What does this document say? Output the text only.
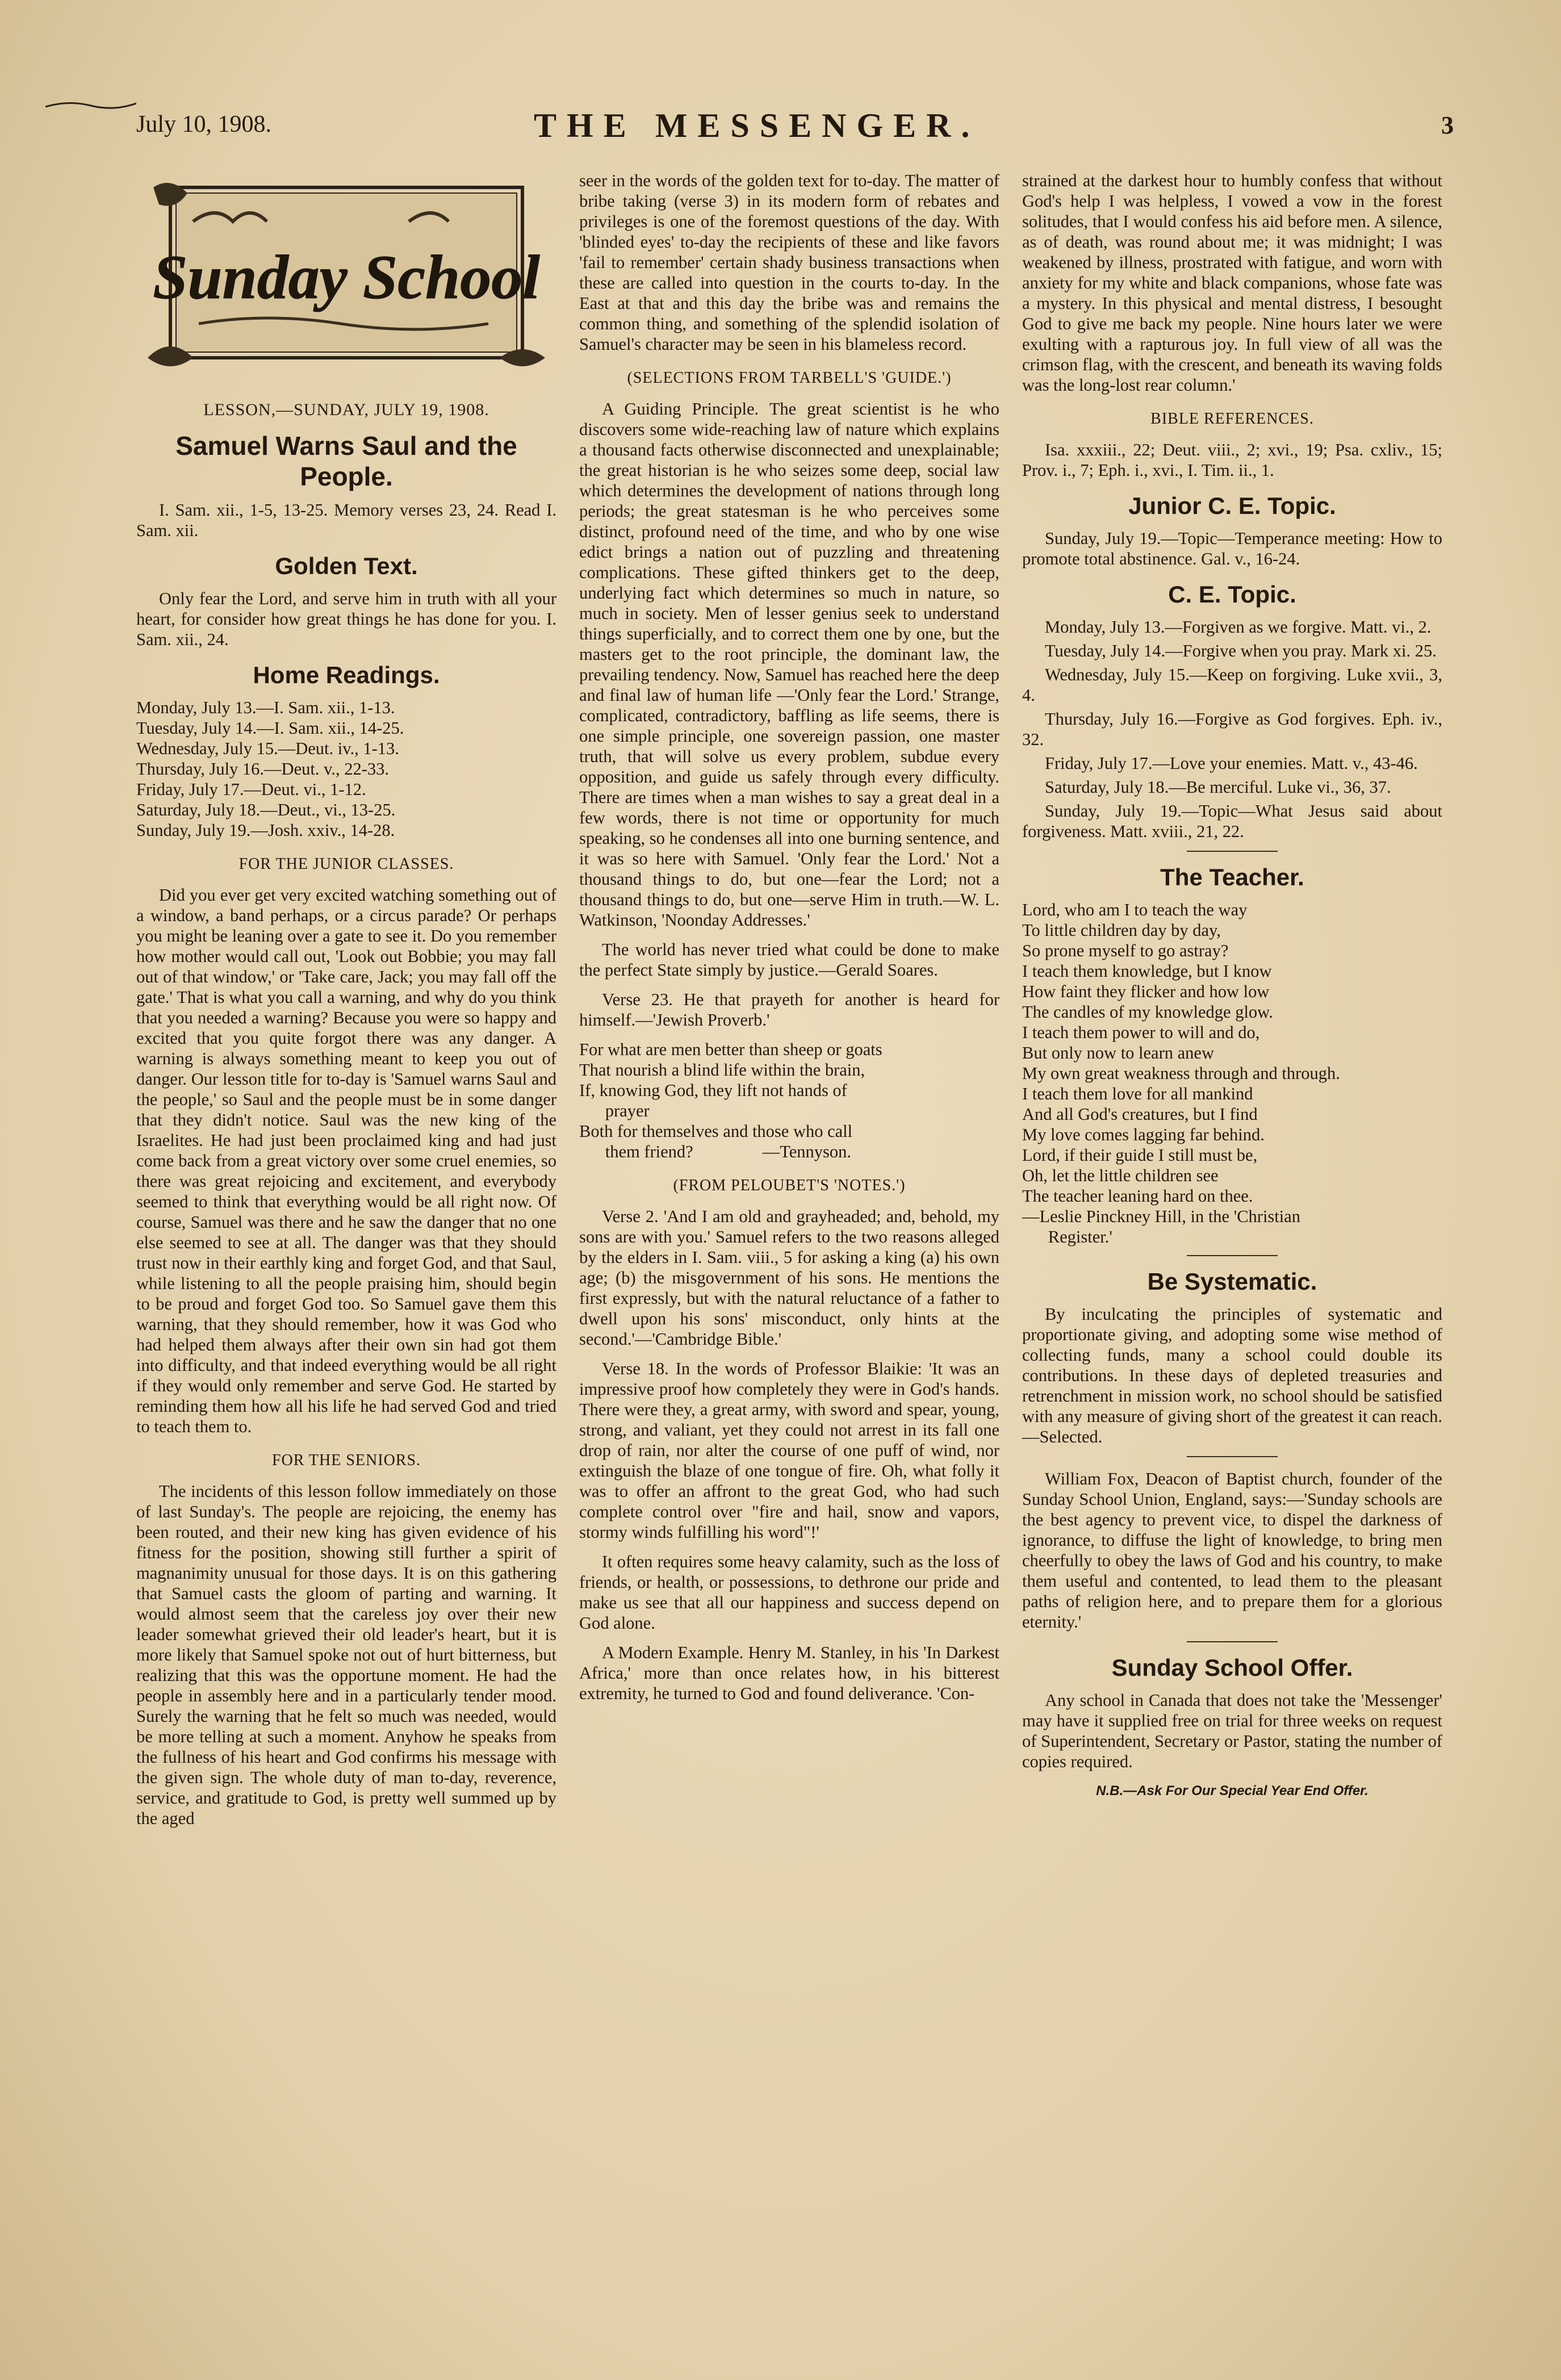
July 10, 1908.	THE MESSENGER.	3
Sunday School

LESSON,—SUNDAY, JULY 19, 1908.

Samuel Warns Saul and the People.

I. Sam. xii., 1-5, 13-25. Memory verses 23, 24. Read I. Sam. xii.

Golden Text.

Only fear the Lord, and serve him in truth with all your heart, for consider how great things he has done for you. I. Sam. xii., 24.

Home Readings.
Monday, July 13.—I. Sam. xii., 1-13.
Tuesday, July 14.—I. Sam. xii., 14-25.
Wednesday, July 15.—Deut. iv., 1-13.
Thursday, July 16.—Deut. v., 22-33.
Friday, July 17.—Deut. vi., 1-12.
Saturday, July 18.—Deut., vi., 13-25.
Sunday, July 19.—Josh. xxiv., 14-28.

FOR THE JUNIOR CLASSES.

Did you ever get very excited watching something out of a window, a band perhaps, or a circus parade? Or perhaps you might be leaning over a gate to see it. Do you remember how mother would call out, 'Look out Bobbie; you may fall out of that window,' or 'Take care, Jack; you may fall off the gate.' That is what you call a warning, and why do you think that you needed a warning? Because you were so happy and excited that you quite forgot there was any danger. A warning is always something meant to keep you out of danger. Our lesson title for to-day is 'Samuel warns Saul and the people,' so Saul and the people must be in some danger that they didn't notice. Saul was the new king of the Israelites. He had just been proclaimed king and had just come back from a great victory over some cruel enemies, so there was great rejoicing and excitement, and everybody seemed to think that everything would be all right now. Of course, Samuel was there and he saw the danger that no one else seemed to see at all. The danger was that they should trust now in their earthly king and forget God, and that Saul, while listening to all the people praising him, should begin to be proud and forget God too. So Samuel gave them this warning, that they should remember, how it was God who had helped them always after their own sin had got them into difficulty, and that indeed everything would be all right if they would only remember and serve God. He started by reminding them how all his life he had served God and tried to teach them to.

FOR THE SENIORS.

The incidents of this lesson follow immediately on those of last Sunday's. The people are rejoicing, the enemy has been routed, and their new king has given evidence of his fitness for the position, showing still further a spirit of magnanimity unusual for those days. It is on this gathering that Samuel casts the gloom of parting and warning. It would almost seem that the careless joy over their new leader somewhat grieved their old leader's heart, but it is more likely that Samuel spoke not out of hurt bitterness, but realizing that this was the opportune moment. He had the people in assembly here and in a particularly tender mood. Surely the warning that he felt so much was needed, would be more telling at such a moment. Anyhow he speaks from the fullness of his heart and God confirms his message with the given sign. The whole duty of man to-day, reverence, service, and gratitude to God, is pretty well summed up by the aged

seer in the words of the golden text for to-day. The matter of bribe taking (verse 3) in its modern form of rebates and privileges is one of the foremost questions of the day. With 'blinded eyes' to-day the recipients of these and like favors 'fail to remember' certain shady business transactions when these are called into question in the courts to-day. In the East at that and this day the bribe was and remains the common thing, and something of the splendid isolation of Samuel's character may be seen in his blameless record.

(SELECTIONS FROM TARBELL'S 'GUIDE.')

A Guiding Principle. The great scientist is he who discovers some wide-reaching law of nature which explains a thousand facts otherwise disconnected and unexplainable; the great historian is he who seizes some deep, social law which determines the development of nations through long periods; the great statesman is he who perceives some distinct, profound need of the time, and who by one wise edict brings a nation out of puzzling and threatening complications. These gifted thinkers get to the deep, underlying fact which determines so much in nature, so much in society. Men of lesser genius seek to understand things superficially, and to correct them one by one, but the masters get to the root principle, the dominant law, the prevailing tendency. Now, Samuel has reached here the deep and final law of human life —'Only fear the Lord.' Strange, complicated, contradictory, baffling as life seems, there is one simple principle, one sovereign passion, one master truth, that will solve us every problem, subdue every opposition, and guide us safely through every difficulty. There are times when a man wishes to say a great deal in a few words, there is not time or opportunity for much speaking, so he condenses all into one burning sentence, and it was so here with Samuel. 'Only fear the Lord.' Not a thousand things to do, but one—fear the Lord; not a thousand things to do, but one—serve Him in truth.—W. L. Watkinson, 'Noonday Addresses.'

The world has never tried what could be done to make the perfect State simply by justice.—Gerald Soares.

Verse 23. He that prayeth for another is heard for himself.—'Jewish Proverb.'

For what are men better than sheep or goats
That nourish a blind life within the brain,
If, knowing God, they lift not hands of
prayer
Both for themselves and those who call
them friend?                —Tennyson.

(FROM PELOUBET'S 'NOTES.')

Verse 2. 'And I am old and grayheaded; and, behold, my sons are with you.' Samuel refers to the two reasons alleged by the elders in I. Sam. viii., 5 for asking a king (a) his own age; (b) the misgovernment of his sons. He mentions the first expressly, but with the natural reluctance of a father to dwell upon his sons' misconduct, only hints at the second.'—'Cambridge Bible.'

Verse 18. In the words of Professor Blaikie: 'It was an impressive proof how completely they were in God's hands. There were they, a great army, with sword and spear, young, strong, and valiant, yet they could not arrest in its fall one drop of rain, nor alter the course of one puff of wind, nor extinguish the blaze of one tongue of fire. Oh, what folly it was to offer an affront to the great God, who had such complete control over "fire and hail, snow and vapors, stormy winds fulfilling his word"!'

It often requires some heavy calamity, such as the loss of friends, or health, or possessions, to dethrone our pride and make us see that all our happiness and success depend on God alone.

A Modern Example. Henry M. Stanley, in his 'In Darkest Africa,' more than once relates how, in his bitterest extremity, he turned to God and found deliverance. 'Con-

strained at the darkest hour to humbly confess that without God's help I was helpless, I vowed a vow in the forest solitudes, that I would confess his aid before men. A silence, as of death, was round about me; it was midnight; I was weakened by illness, prostrated with fatigue, and worn with anxiety for my white and black companions, whose fate was a mystery. In this physical and mental distress, I besought God to give me back my people. Nine hours later we were exulting with a rapturous joy. In full view of all was the crimson flag, with the crescent, and beneath its waving folds was the long-lost rear column.'

BIBLE REFERENCES.

Isa. xxxiii., 22; Deut. viii., 2; xvi., 19; Psa. cxliv., 15; Prov. i., 7; Eph. i., xvi., I. Tim. ii., 1.

Junior C. E. Topic.

Sunday, July 19.—Topic—Temperance meeting: How to promote total abstinence. Gal. v., 16-24.

C. E. Topic.

Monday, July 13.—Forgiven as we forgive. Matt. vi., 2.

Tuesday, July 14.—Forgive when you pray. Mark xi. 25.

Wednesday, July 15.—Keep on forgiving. Luke xvii., 3, 4.

Thursday, July 16.—Forgive as God forgives. Eph. iv., 32.

Friday, July 17.—Love your enemies. Matt. v., 43-46.

Saturday, July 18.—Be merciful. Luke vi., 36, 37.

Sunday, July 19.—Topic—What Jesus said about forgiveness. Matt. xviii., 21, 22.

The Teacher.
Lord, who am I to teach the way
To little children day by day,
So prone myself to go astray?
I teach them knowledge, but I know
How faint they flicker and how low
The candles of my knowledge glow.
I teach them power to will and do,
But only now to learn anew
My own great weakness through and through.
I teach them love for all mankind
And all God's creatures, but I find
My love comes lagging far behind.
Lord, if their guide I still must be,
Oh, let the little children see
The teacher leaning hard on thee.
—Leslie Pinckney Hill, in the 'Christian
Register.'
Be Systematic.

By inculcating the principles of systematic and proportionate giving, and adopting some wise method of collecting funds, many a school could double its contributions. In these days of depleted treasuries and retrenchment in mission work, no school should be satisfied with any measure of giving short of the greatest it can reach.—Selected.

William Fox, Deacon of Baptist church, founder of the Sunday School Union, England, says:—'Sunday schools are the best agency to prevent vice, to dispel the darkness of ignorance, to diffuse the light of knowledge, to bring men cheerfully to obey the laws of God and his country, to make them useful and contented, to lead them to the pleasant paths of religion here, and to prepare them for a glorious eternity.'

Sunday School Offer.

Any school in Canada that does not take the 'Messenger' may have it supplied free on trial for three weeks on request of Superintendent, Secretary or Pastor, stating the number of copies required.

N.B.—Ask For Our Special Year End Offer.
